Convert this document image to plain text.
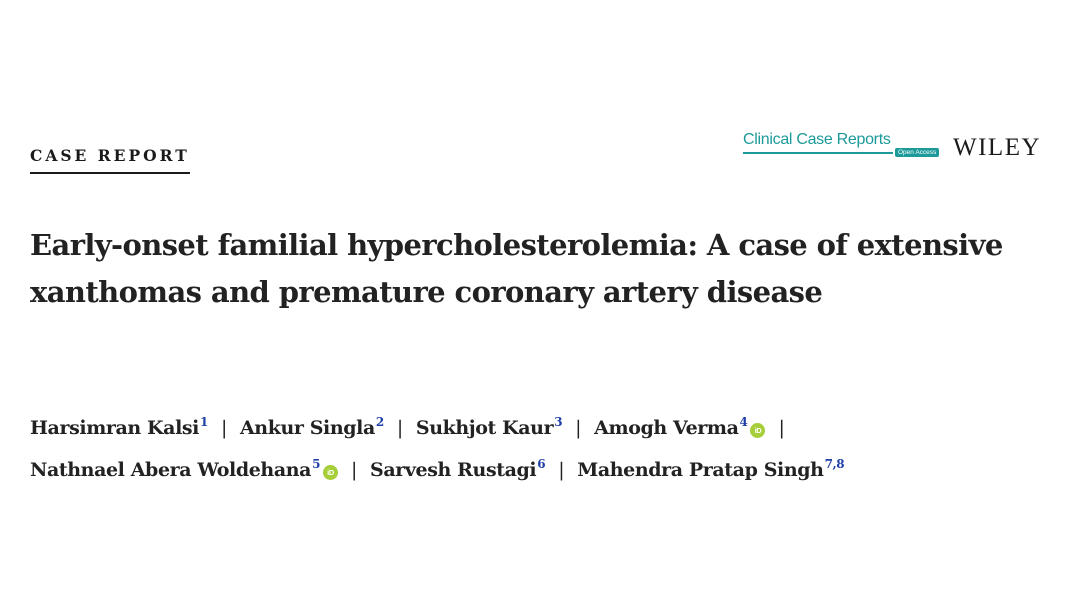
CASE REPORT
Clinical Case Reports
Open Access WILEY
Early-onset familial hypercholesterolemia: A case of extensive xanthomas and premature coronary artery disease
Harsimran Kalsi$^1$ | Ankur Singla$^2$ | Sukhjot Kaur$^3$ | Amogh Verma$^4$iD |
Nathnael Abera Woldehana$^5$iD | Sarvesh Rustagi$^6$ | Mahendra Pratap Singh$^{7,8}$
